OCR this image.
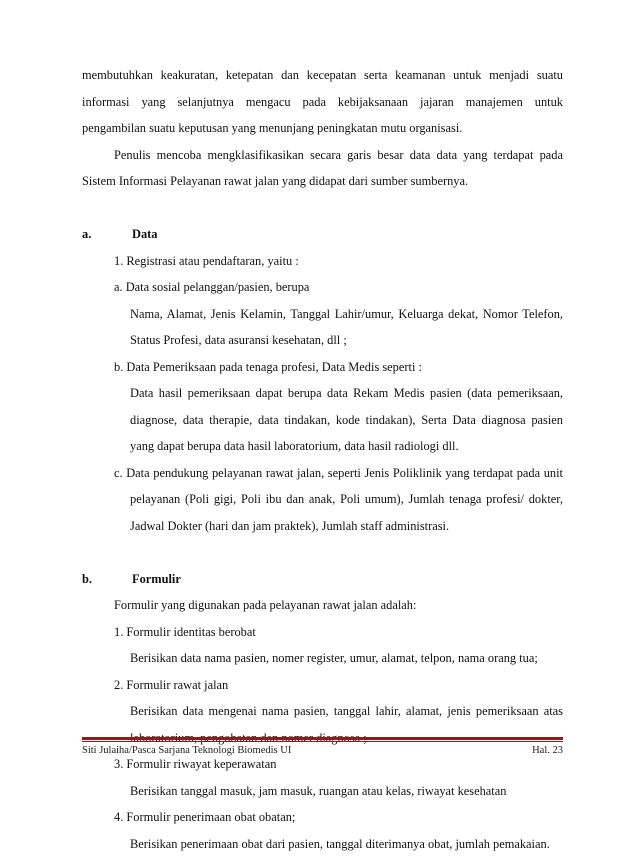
membutuhkan keakuratan, ketepatan dan kecepatan serta keamanan untuk menjadi suatu
informasi yang selanjutnya mengacu pada kebijaksanaan jajaran manajemen untuk
pengambilan suatu keputusan yang menunjang peningkatan mutu organisasi.
Penulis mencoba mengklasifikasikan secara garis besar data data yang terdapat pada
Sistem Informasi Pelayanan rawat jalan yang didapat dari sumber sumbernya.
a.	Data
1. Registrasi atau pendaftaran, yaitu :
a. Data sosial pelanggan/pasien, berupa
Nama, Alamat, Jenis Kelamin, Tanggal Lahir/umur, Keluarga dekat, Nomor Telefon,
Status Profesi, data asuransi kesehatan, dll ;
b. Data Pemeriksaan pada tenaga profesi, Data Medis seperti :
Data hasil pemeriksaan dapat berupa data Rekam Medis pasien (data pemeriksaan,
diagnose, data therapie, data tindakan, kode tindakan), Serta Data diagnosa pasien
yang dapat berupa data hasil laboratorium, data hasil radiologi dll.
c. Data pendukung pelayanan rawat jalan, seperti Jenis Poliklinik yang terdapat pada unit
pelayanan (Poli gigi, Poli ibu dan anak, Poli umum), Jumlah tenaga profesi/ dokter,
Jadwal Dokter (hari dan jam praktek), Jumlah staff administrasi.
b.	Formulir
Formulir yang digunakan pada pelayanan rawat jalan adalah:
1. Formulir identitas berobat
Berisikan data nama pasien, nomer register, umur, alamat, telpon, nama orang tua;
2. Formulir rawat jalan
Berisikan data mengenai nama pasien, tanggal lahir, alamat, jenis pemeriksaan atas
3. Formulir riwayat keperawatan
Berisikan tanggal masuk, jam masuk, ruangan atau kelas, riwayat kesehatan
4. Formulir penerimaan obat obatan;
Berisikan penerimaan obat dari pasien, tanggal diterimanya obat, jumlah pemakaian.
Siti Julaiha/Pasca Sarjana Teknologi Biomedis UI	Hal. 23
